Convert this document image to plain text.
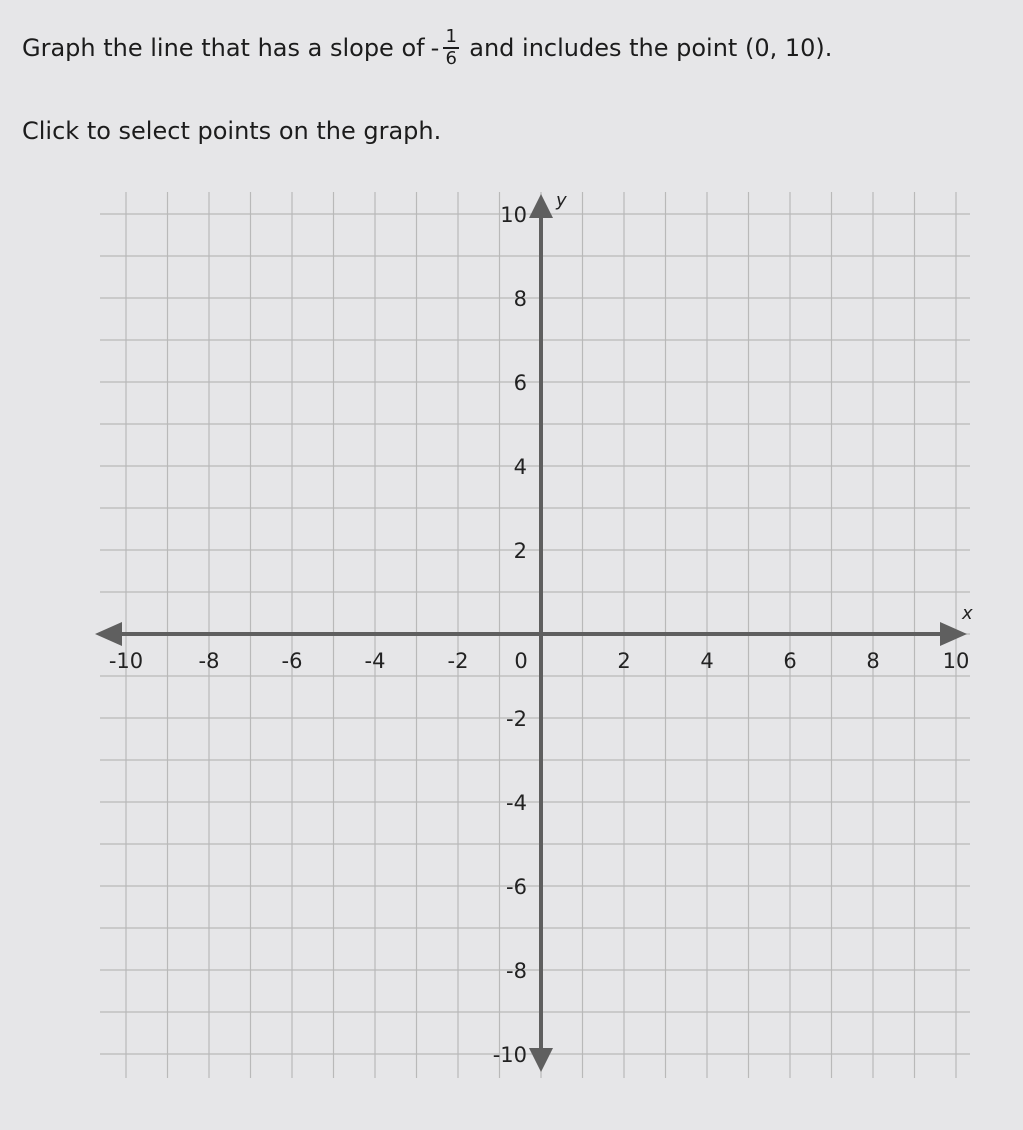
Graph the line that has a slope of - $\frac{1}{6}$ and includes the point (0, 10).
Click to select points on the graph.
x
y
-10	-8	-6	-4	-2 0	2	4	6	8	10
10
8
6
4
2
-2
-4
-6
-8
-10
